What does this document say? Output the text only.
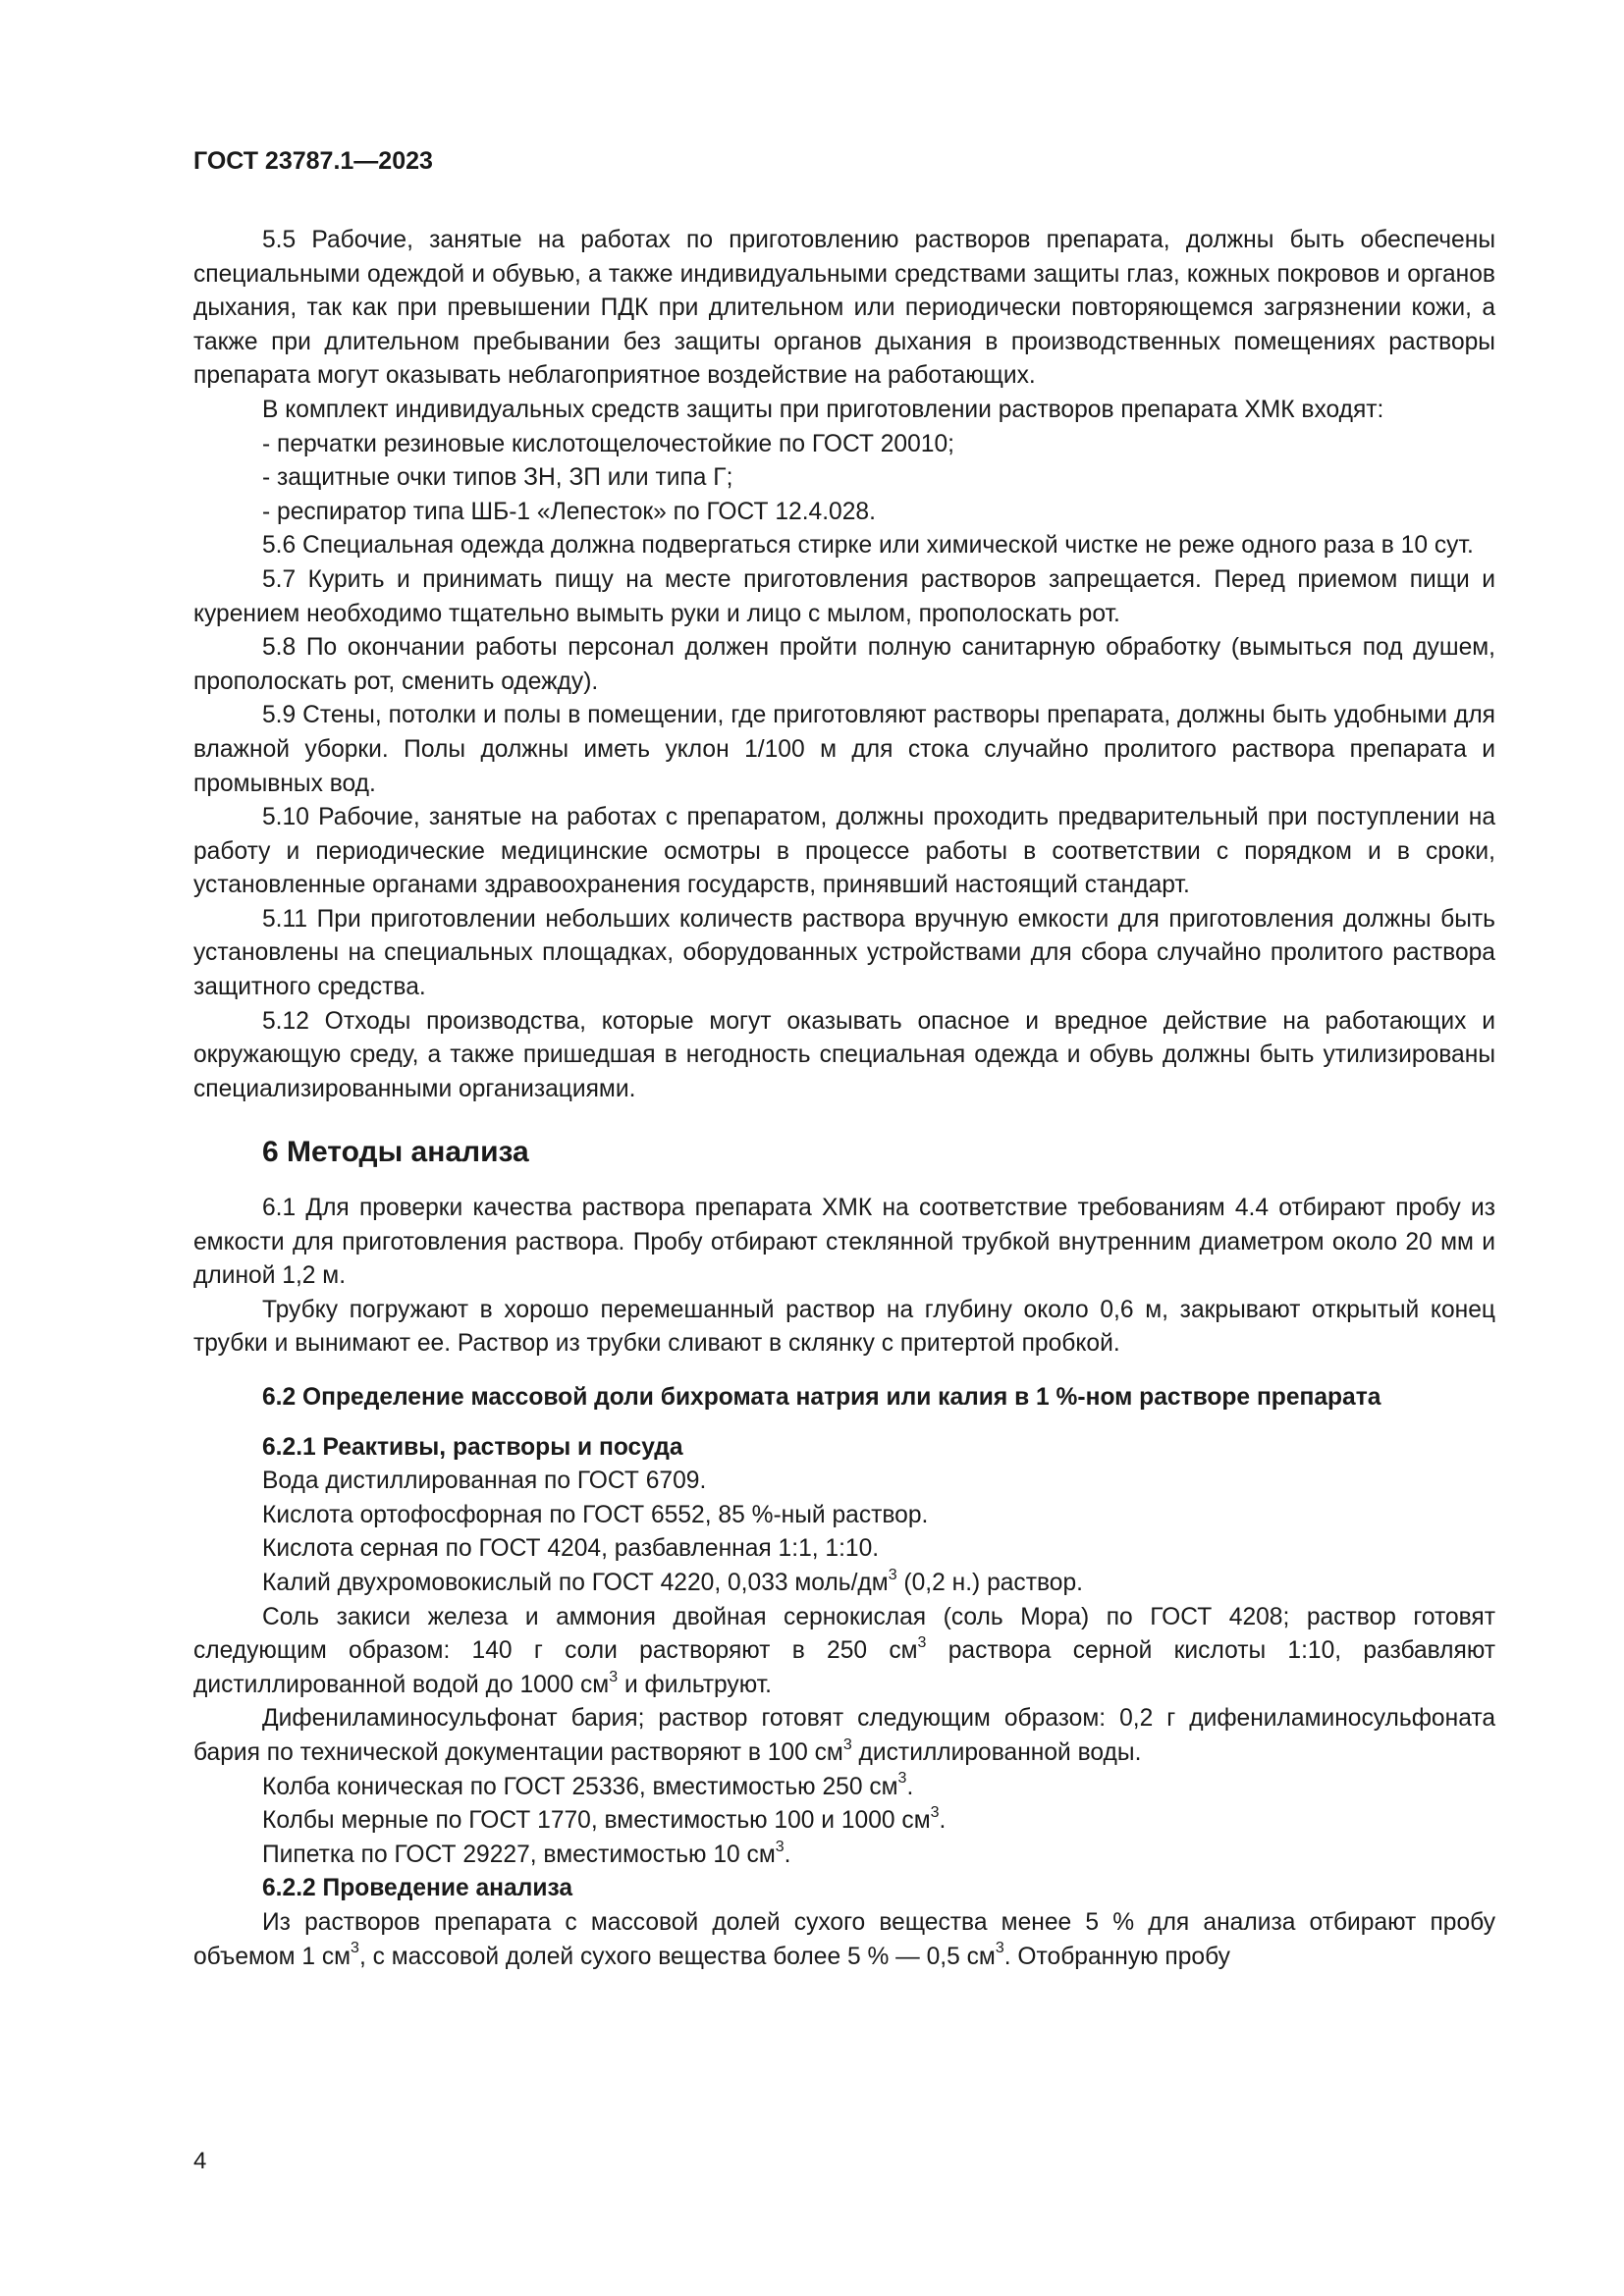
ГОСТ 23787.1—2023

5.5 Рабочие, занятые на работах по приготовлению растворов препарата, должны быть обеспечены специальными одеждой и обувью, а также индивидуальными средствами защиты глаз, кожных покровов и органов дыхания, так как при превышении ПДК при длительном или периодически повторяющемся загрязнении кожи, а также при длительном пребывании без защиты органов дыхания в производственных помещениях растворы препарата могут оказывать неблагоприятное воздействие на работающих.

В комплект индивидуальных средств защиты при приготовлении растворов препарата ХМК входят:

- перчатки резиновые кислотощелочестойкие по ГОСТ 20010;

- защитные очки типов ЗН, ЗП или типа Г;

- респиратор типа ШБ-1 «Лепесток» по ГОСТ 12.4.028.

5.6 Специальная одежда должна подвергаться стирке или химической чистке не реже одного раза в 10 сут.

5.7 Курить и принимать пищу на месте приготовления растворов запрещается. Перед приемом пищи и курением необходимо тщательно вымыть руки и лицо с мылом, прополоскать рот.

5.8 По окончании работы персонал должен пройти полную санитарную обработку (вымыться под душем, прополоскать рот, сменить одежду).

5.9 Стены, потолки и полы в помещении, где приготовляют растворы препарата, должны быть удобными для влажной уборки. Полы должны иметь уклон 1/100 м для стока случайно пролитого раствора препарата и промывных вод.

5.10 Рабочие, занятые на работах с препаратом, должны проходить предварительный при поступлении на работу и периодические медицинские осмотры в процессе работы в соответствии с порядком и в сроки, установленные органами здравоохранения государств, принявший настоящий стандарт.

5.11 При приготовлении небольших количеств раствора вручную емкости для приготовления должны быть установлены на специальных площадках, оборудованных устройствами для сбора случайно пролитого раствора защитного средства.

5.12 Отходы производства, которые могут оказывать опасное и вредное действие на работающих и окружающую среду, а также пришедшая в негодность специальная одежда и обувь должны быть утилизированы специализированными организациями.

6 Методы анализа

6.1 Для проверки качества раствора препарата ХМК на соответствие требованиям 4.4 отбирают пробу из емкости для приготовления раствора. Пробу отбирают стеклянной трубкой внутренним диаметром около 20 мм и длиной 1,2 м.

Трубку погружают в хорошо перемешанный раствор на глубину около 0,6 м, закрывают открытый конец трубки и вынимают ее. Раствор из трубки сливают в склянку с притертой пробкой.

6.2 Определение массовой доли бихромата натрия или калия в 1 %-ном растворе препарата

6.2.1 Реактивы, растворы и посуда

Вода дистиллированная по ГОСТ 6709.

Кислота ортофосфорная по ГОСТ 6552, 85 %-ный раствор.

Кислота серная по ГОСТ 4204, разбавленная 1:1, 1:10.

Калий двухромовокислый по ГОСТ 4220, 0,033 моль/$дм^3$ (0,2 н.) раствор.

Соль закиси железа и аммония двойная сернокислая (соль Мора) по ГОСТ 4208; раствор готовят следующим образом: 140 г соли растворяют в 250 $см^3$ раствора серной кислоты 1:10, разбавляют дистиллированной водой до 1000 $см^3$ и фильтруют.

Дифениламиносульфонат бария; раствор готовят следующим образом: 0,2 г дифениламиносульфоната бария по технической документации растворяют в 100 $см^3$ дистиллированной воды.

Колба коническая по ГОСТ 25336, вместимостью 250 $см^3$.

Колбы мерные по ГОСТ 1770, вместимостью 100 и 1000 $см^3$.

Пипетка по ГОСТ 29227, вместимостью 10 $см^3$.

6.2.2 Проведение анализа

Из растворов препарата с массовой долей сухого вещества менее 5 % для анализа отбирают пробу объемом 1 $см^3$, с массовой долей сухого вещества более 5 % — 0,5 $см^3$. Отобранную пробу

4
